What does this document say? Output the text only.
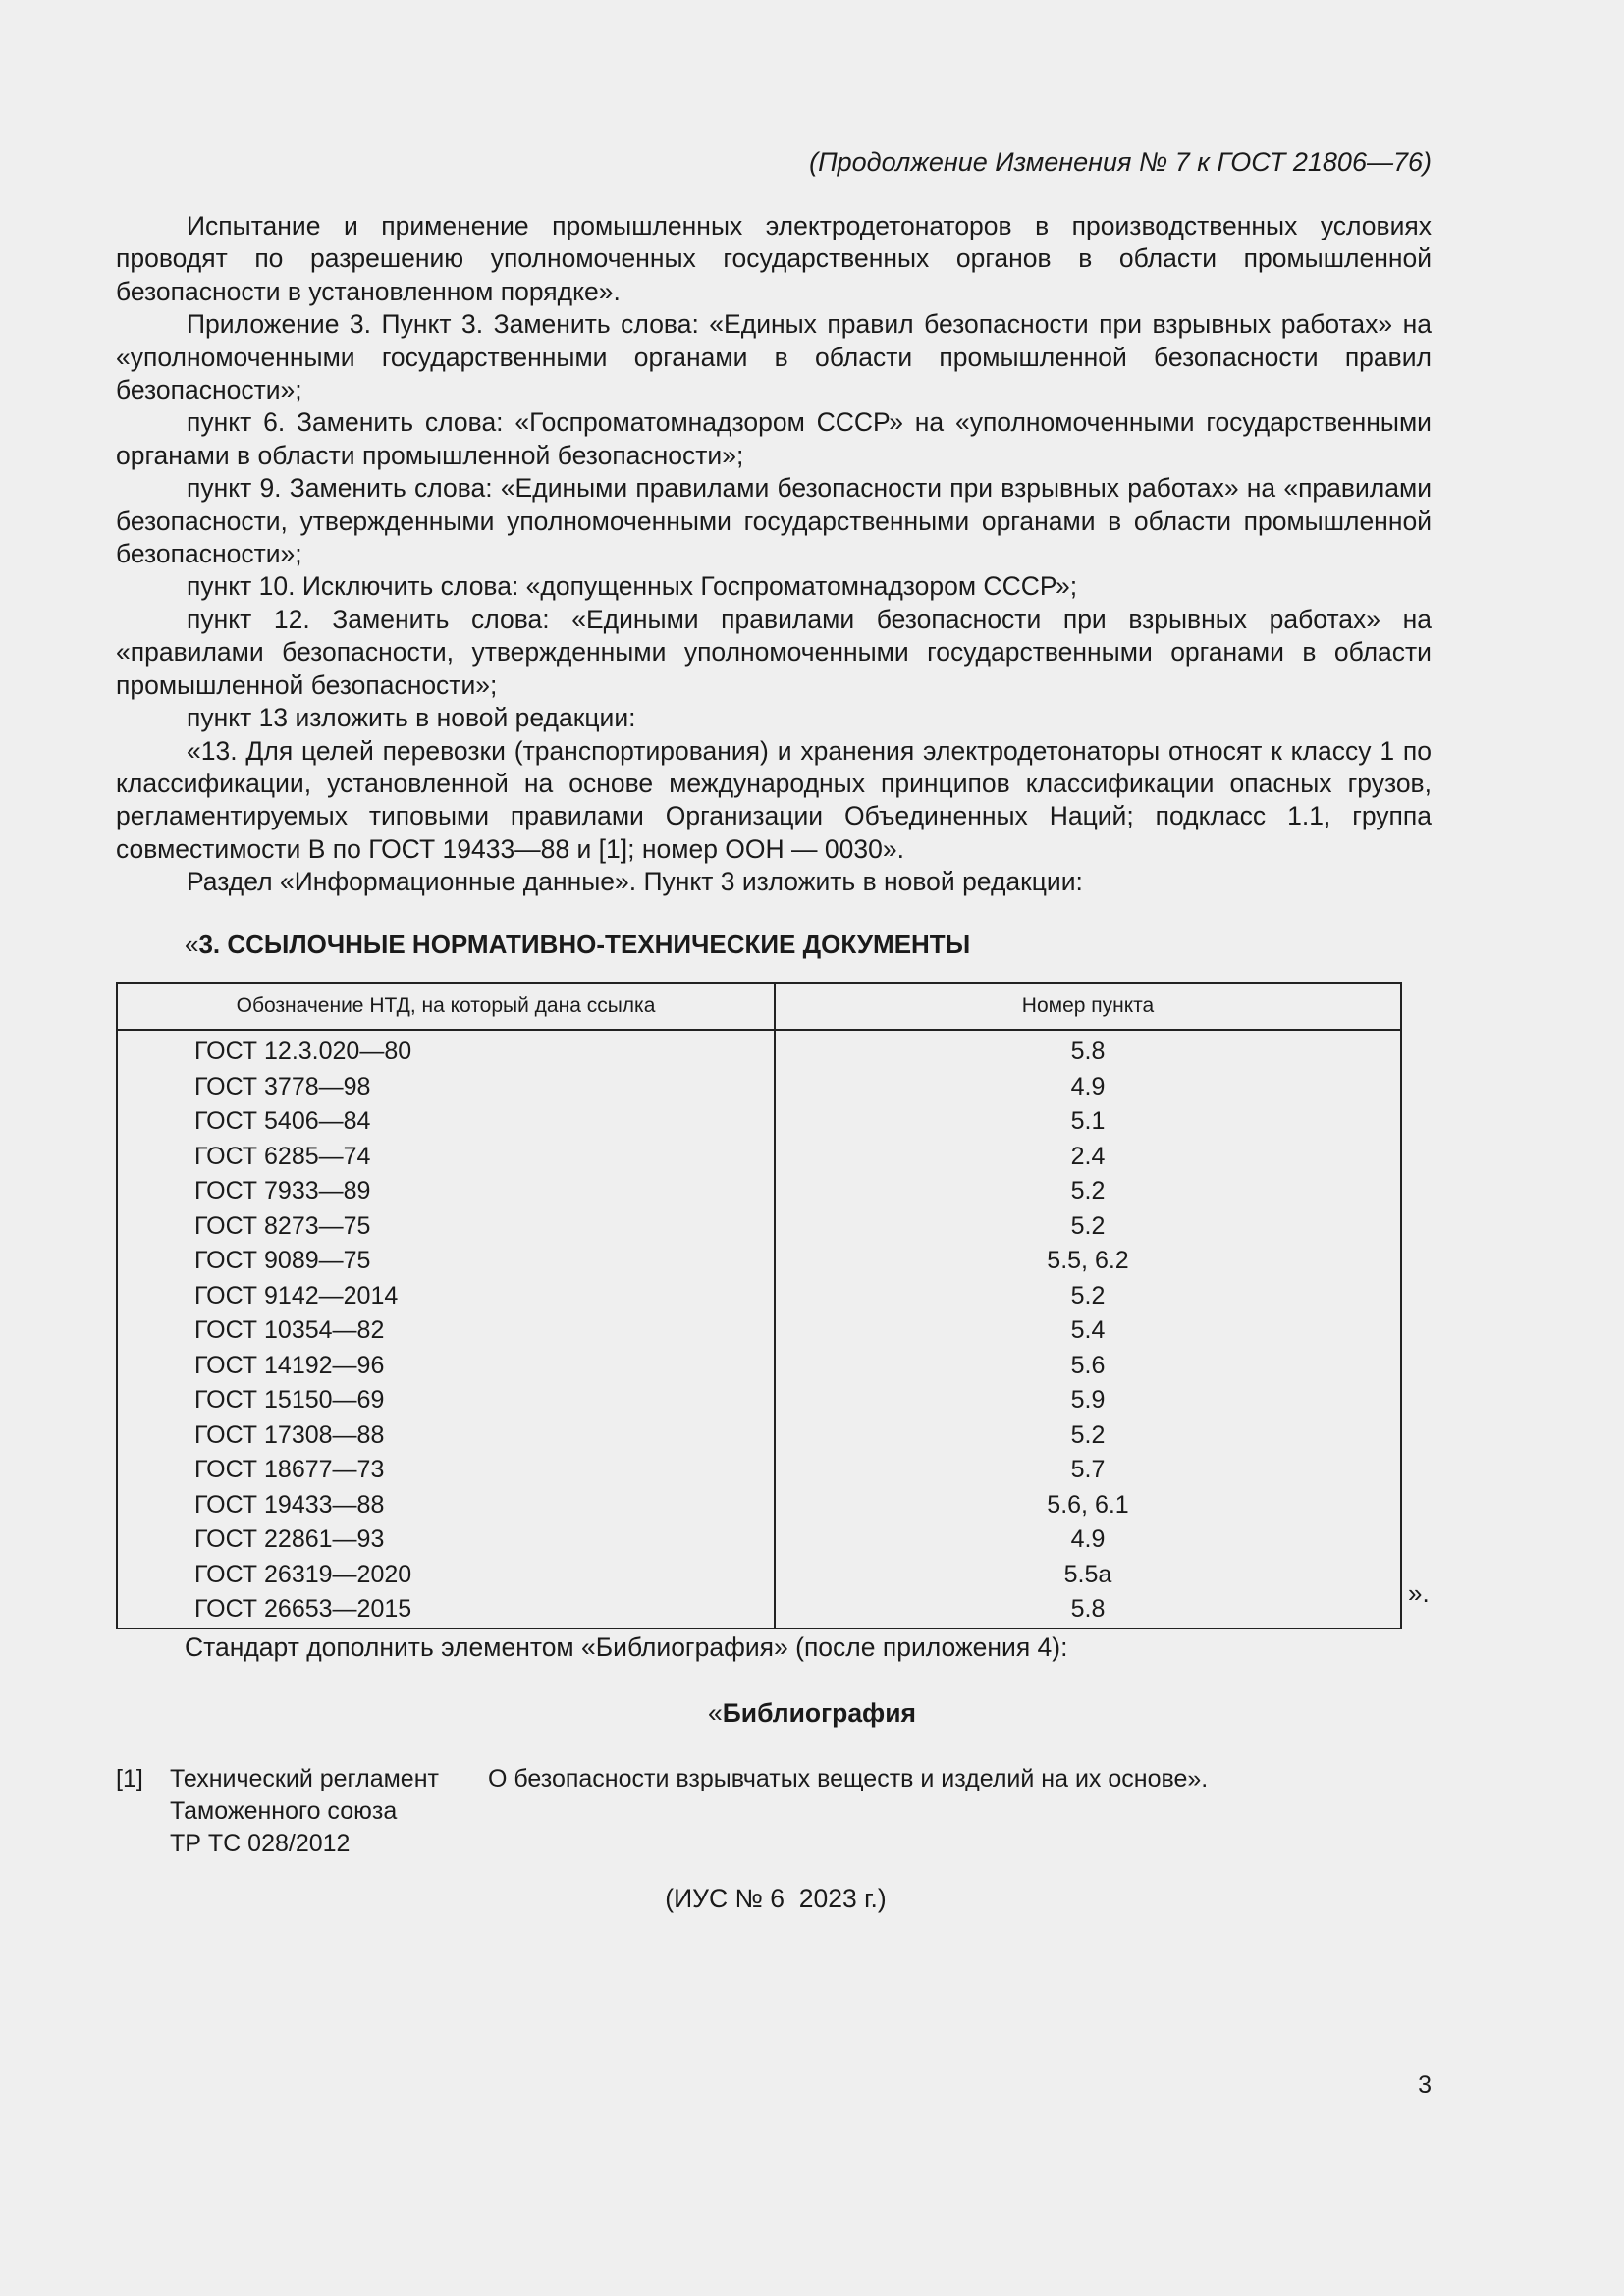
(Продолжение Изменения № 7 к ГОСТ 21806—76)

Испытание и применение промышленных электродетонаторов в производственных условиях проводят по разрешению уполномоченных государственных органов в области промышленной безопасности в установленном порядке».

Приложение 3. Пункт 3. Заменить слова: «Единых правил безопасности при взрывных работах» на «уполномоченными государственными органами в области промышленной безопасности правил безопасности»;

пункт 6. Заменить слова: «Госпроматомнадзором СССР» на «уполномоченными государственными органами в области промышленной безопасности»;

пункт 9. Заменить слова: «Едиными правилами безопасности при взрывных работах» на «правилами безопасности, утвержденными уполномоченными государственными органами в области промышленной безопасности»;

пункт 10. Исключить слова: «допущенных Госпроматомнадзором СССР»;

пункт 12. Заменить слова: «Едиными правилами безопасности при взрывных работах» на «правилами безопасности, утвержденными уполномоченными государственными органами в области промышленной безопасности»;

пункт 13 изложить в новой редакции:

«13. Для целей перевозки (транспортирования) и хранения электродетонаторы относят к классу 1 по классификации, установленной на основе международных принципов классификации опасных грузов, регламентируемых типовыми правилами Организации Объединенных Наций; подкласс 1.1, группа совместимости B по ГОСТ 19433—88 и [1]; номер ООН — 0030».

Раздел «Информационные данные». Пункт 3 изложить в новой редакции:

«3. ССЫЛОЧНЫЕ НОРМАТИВНО-ТЕХНИЧЕСКИЕ ДОКУМЕНТЫ
Обозначение НТД, на который дана ссылка	Номер пункта

ГОСТ 12.3.020—80	5.8
ГОСТ 3778—98	4.9
ГОСТ 5406—84	5.1
ГОСТ 6285—74	2.4
ГОСТ 7933—89	5.2
ГОСТ 8273—75	5.2
ГОСТ 9089—75	5.5, 6.2
ГОСТ 9142—2014	5.2
ГОСТ 10354—82	5.4
ГОСТ 14192—96	5.6
ГОСТ 15150—69	5.9
ГОСТ 17308—88	5.2
ГОСТ 18677—73	5.7
ГОСТ 19433—88	5.6, 6.1
ГОСТ 22861—93	4.9
ГОСТ 26319—2020	5.5а
ГОСТ 26653—2015	5.8
».
Стандарт дополнить элементом «Библиография» (после приложения 4):
«Библиография
[1] Технический регламент
Таможенного союза
ТР ТС 028/2012
О безопасности взрывчатых веществ и изделий на их основе».
(ИУС № 6  2023 г.)
3
